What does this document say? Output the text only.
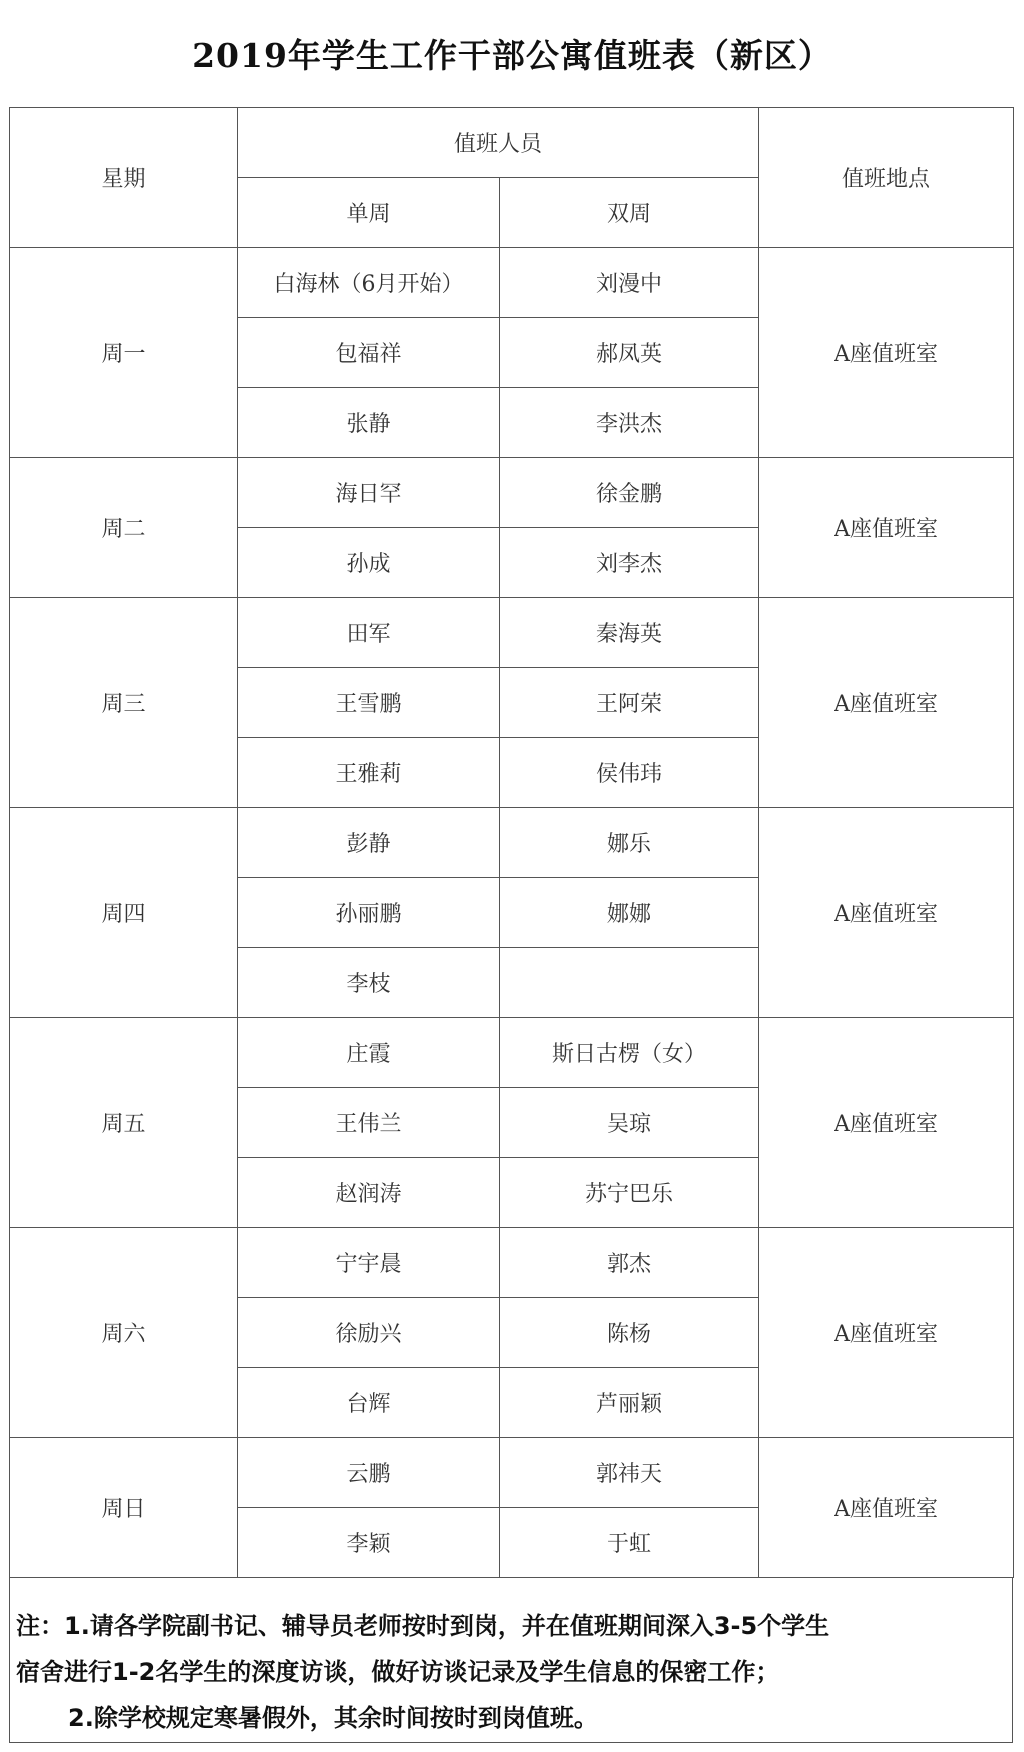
2019年学生工作干部公寓值班表（新区）
星期	值班人员		值班地点
	单周	双周	
周一	白海林（6月开始）	刘漫中	A座值班室
	包福祥	郝凤英	
	张静	李洪杰	
周二	海日罕	徐金鹏	A座值班室
	孙成	刘李杰	
周三	田军	秦海英	A座值班室
	王雪鹏	王阿荣	
	王雅莉	侯伟玮	
周四	彭静	娜乐	A座值班室
	孙丽鹏	娜娜	
	李枝		
周五	庄霞	斯日古楞（女）	A座值班室
	王伟兰	吴琼	
	赵润涛	苏宁巴乐	
周六	宁宇晨	郭杰	A座值班室
	徐励兴	陈杨	
	台辉	芦丽颖	
周日	云鹏	郭祎天	A座值班室
	李颖	于虹	
注：1.请各学院副书记、辅导员老师按时到岗，并在值班期间深入3-5个学生
宿舍进行1-2名学生的深度访谈，做好访谈记录及学生信息的保密工作；
2.除学校规定寒暑假外，其余时间按时到岗值班。
